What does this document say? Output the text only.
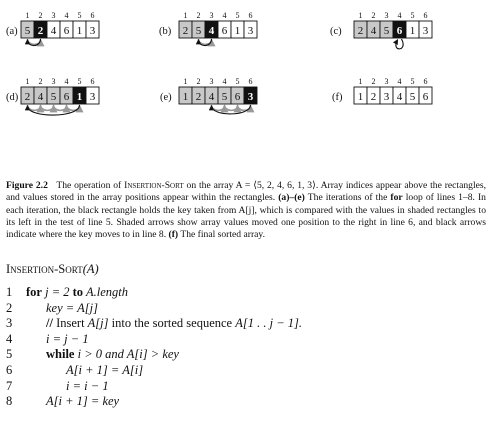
(a)
1 2 3 4 5 6
5 2 4 6 1 3	(b)
1 2 3 4 5 6
2 5 4 6 1 3	(c)
1 2 3 4 5 6
2 4 5 6 1 3
(d)
1 2 3 4 5 6
2 4 5 6 1 3	(e)
1 2 3 4 5 6
1 2 4 5 6 3	(f)
1 2 3 4 5 6
1 2 3 4 5 6
Figure 2.2 The operation of Insertion-Sort on the array A = ⟨5, 2, 4, 6, 1, 3⟩. Array indices appear above the rectangles, and values stored in the array positions appear within the rectangles. (a)–(e) The iterations of the for loop of lines 1–8. In each iteration, the black rectangle holds the key taken from A[j], which is compared with the values in shaded rectangles to its left in the test of line 5. Shaded arrows show array values moved one position to the right in line 6, and black arrows indicate where the key moves to in line 8. (f) The final sorted array.
Insertion-Sort(A)
1	for j = 2 to A.length
2	key = A[j]
3	// Insert A[j] into the sorted sequence A[1 . . j − 1].
4	i = j − 1
5	while i > 0 and A[i] > key
6	A[i + 1] = A[i]
7	i = i − 1
8	A[i + 1] = key
